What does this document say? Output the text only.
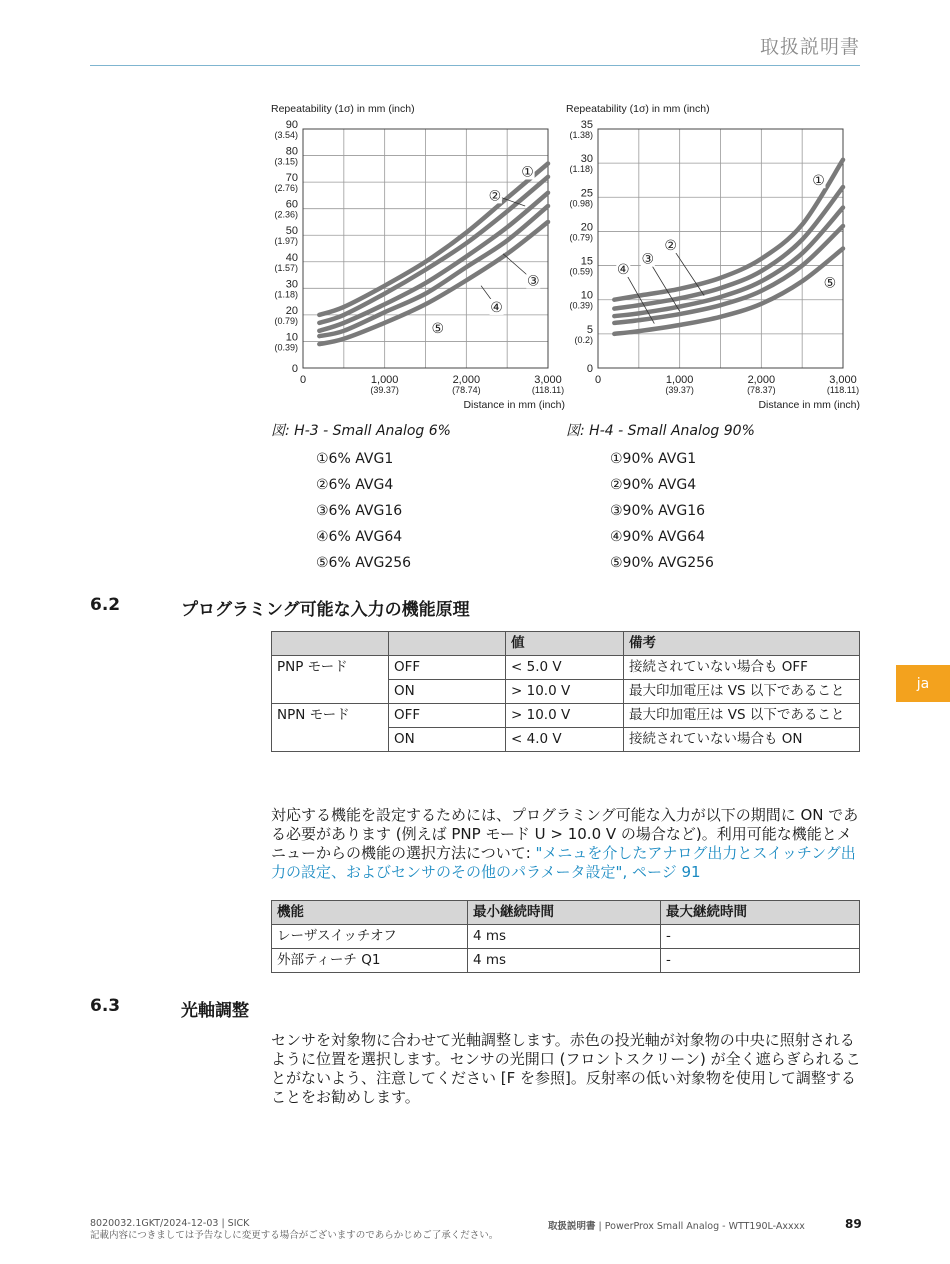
取扱説明書
Repeatability (1σ) in mm (inch)
0
10
(0.39)
20
(0.79)
30
(1.18)
40
(1.57)
50
(1.97)
60
(2.36)
70
(2.76)
80
(3.15)
90
(3.54)
0	1,000
(39.37)
2,000
(78.74)
3,000
(118.11)
Distance in mm (inch)
①
②
③
④
⑤
Repeatability (1σ) in mm (inch)
0
5
(0.2)
10
(0.39)
15
(0.59)
20
(0.79)
25
(0.98)
30
(1.18)
35
(1.38)
0	1,000
(39.37)
2,000
(78.37)
3,000
(118.11)
Distance in mm (inch)
①
②
③
④
⑤
図: H-3 - Small Analog 6%	図: H-4 - Small Analog 90%
①6% AVG1
②6% AVG4
③6% AVG16
④6% AVG64
⑤6% AVG256
①90% AVG1
②90% AVG4
③90% AVG16
④90% AVG64
⑤90% AVG256
6.2	プログラミング可能な入力の機能原理
		値	備考
PNP モード	OFF	< 5.0 V	接続されていない場合も OFF
	ON	> 10.0 V	最大印加電圧は VS 以下であること
NPN モード	OFF	> 10.0 V	最大印加電圧は VS 以下であること
	ON	< 4.0 V	接続されていない場合も ON
対応する機能を設定するためには、プログラミング可能な入力が以下の期間に ON である必要があります (例えば PNP モード U > 10.0 V の場合など)。利用可能な機能とメニューからの機能の選択方法について: "メニュを介したアナログ出力とスイッチング出力の設定、およびセンサのその他のパラメータ設定", ページ 91
機能	最小継続時間	最大継続時間
レーザスイッチオフ	4 ms	-
外部ティーチ Q1	4 ms	-
6.3	光軸調整
センサを対象物に合わせて光軸調整します。赤色の投光軸が対象物の中央に照射されるように位置を選択します。センサの光開口 (フロントスクリーン) が全く遮らぎられることがないよう、注意してください [F を参照]。反射率の低い対象物を使用して調整することをお勧めします。
ja
8020032.1GKT/2024-12-03 | SICK
記載内容につきましては予告なしに変更する場合がございますのであらかじめご了承ください。
取扱説明書 | PowerProx Small Analog - WTT190L-Axxxx	89
